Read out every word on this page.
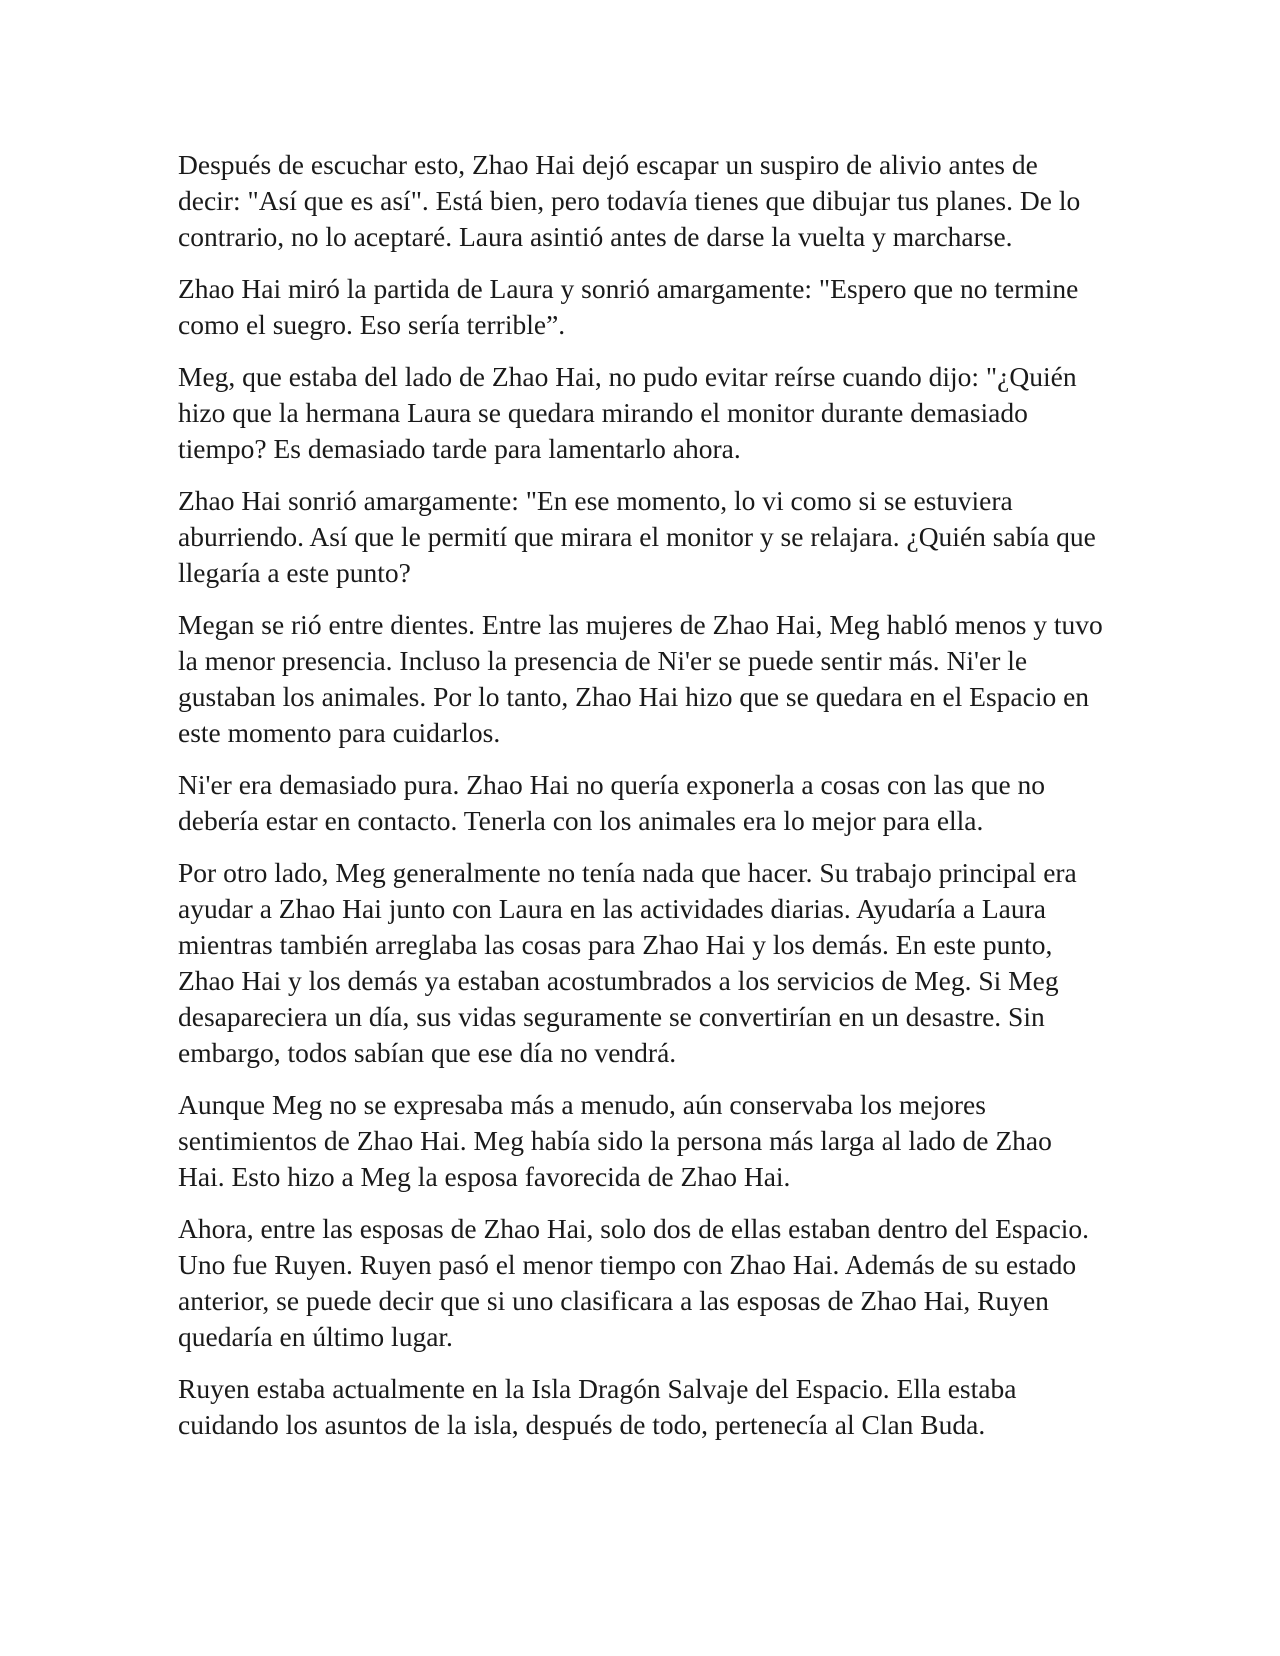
Después de escuchar esto, Zhao Hai dejó escapar un suspiro de alivio antes de decir: "Así que es así". Está bien, pero todavía tienes que dibujar tus planes. De lo contrario, no lo aceptaré. Laura asintió antes de darse la vuelta y marcharse.

Zhao Hai miró la partida de Laura y sonrió amargamente: "Espero que no termine como el suegro. Eso sería terrible”.

Meg, que estaba del lado de Zhao Hai, no pudo evitar reírse cuando dijo: "¿Quién hizo que la hermana Laura se quedara mirando el monitor durante demasiado tiempo? Es demasiado tarde para lamentarlo ahora.

Zhao Hai sonrió amargamente: "En ese momento, lo vi como si se estuviera aburriendo. Así que le permití que mirara el monitor y se relajara. ¿Quién sabía que llegaría a este punto?

Megan se rió entre dientes. Entre las mujeres de Zhao Hai, Meg habló menos y tuvo la menor presencia. Incluso la presencia de Ni'er se puede sentir más. Ni'er le gustaban los animales. Por lo tanto, Zhao Hai hizo que se quedara en el Espacio en este momento para cuidarlos.

Ni'er era demasiado pura. Zhao Hai no quería exponerla a cosas con las que no debería estar en contacto. Tenerla con los animales era lo mejor para ella.

Por otro lado, Meg generalmente no tenía nada que hacer. Su trabajo principal era ayudar a Zhao Hai junto con Laura en las actividades diarias. Ayudaría a Laura mientras también arreglaba las cosas para Zhao Hai y los demás. En este punto, Zhao Hai y los demás ya estaban acostumbrados a los servicios de Meg. Si Meg desapareciera un día, sus vidas seguramente se convertirían en un desastre. Sin embargo, todos sabían que ese día no vendrá.

Aunque Meg no se expresaba más a menudo, aún conservaba los mejores sentimientos de Zhao Hai. Meg había sido la persona más larga al lado de Zhao Hai. Esto hizo a Meg la esposa favorecida de Zhao Hai.

Ahora, entre las esposas de Zhao Hai, solo dos de ellas estaban dentro del Espacio. Uno fue Ruyen. Ruyen pasó el menor tiempo con Zhao Hai. Además de su estado anterior, se puede decir que si uno clasificara a las esposas de Zhao Hai, Ruyen quedaría en último lugar.

Ruyen estaba actualmente en la Isla Dragón Salvaje del Espacio. Ella estaba cuidando los asuntos de la isla, después de todo, pertenecía al Clan Buda.
